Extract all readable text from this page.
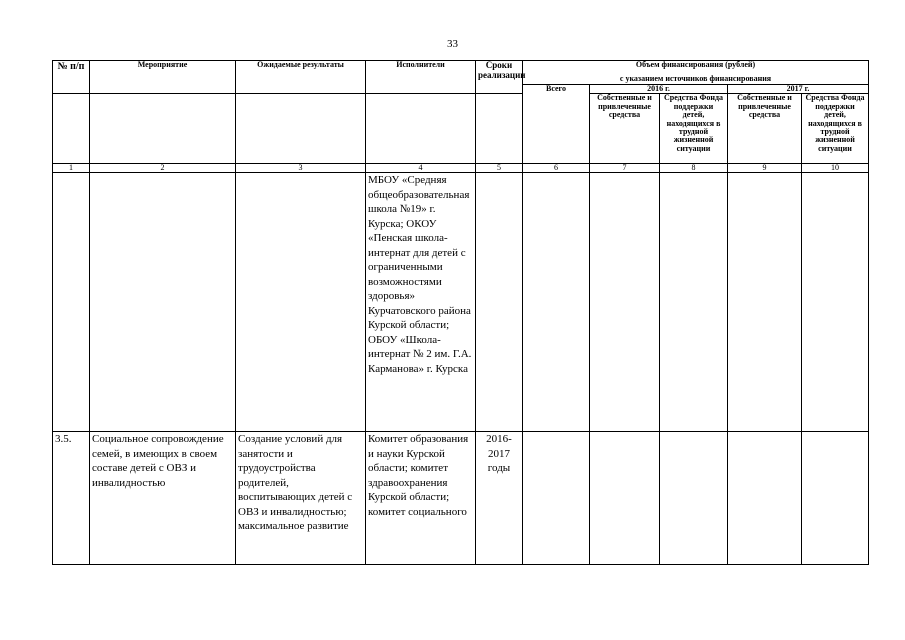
33
№ п/п	Мероприятие	Ожидаемые результаты	Исполнители	Сроки реализации	Объем финансирования (рублей)				
					с указанием источников финансирования				
					Всего	2016 г.		2017 г.	
						Собственные и привлеченные средства	Средства Фонда поддержки детей, находящихся в трудной жизненной ситуации	Собственные и привлеченные средства	Средства Фонда поддержки детей, находящихся в трудной жизненной ситуации
1	2	3	4	5	6	7	8	9	10
			МБОУ «Средняя общеобразовательная школа №19» г. Курска; ОКОУ «Пенская школа-интернат для детей с ограниченными возможностями здоровья» Курчатовского района Курской области; ОБОУ «Школа-интернат № 2 им. Г.А. Карманова» г. Курска						
3.5.	Социальное сопровождение семей, в имеющих в своем составе детей с ОВЗ и инвалидностью	Создание условий для занятости и трудоустройства родителей, воспитывающих детей с ОВЗ и инвалидностью; максимальное развитие	Комитет образования и науки Курской области; комитет здравоохранения Курской области; комитет социального	2016-2017 годы					
